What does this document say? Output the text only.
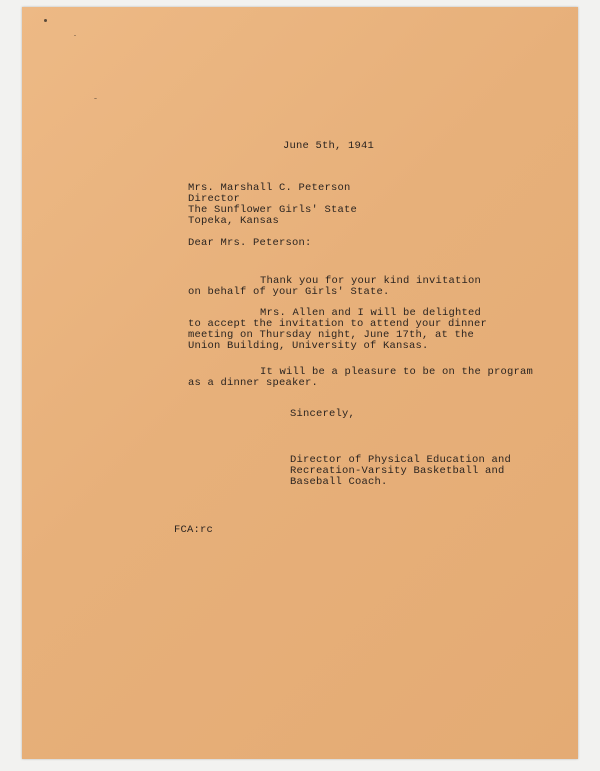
June 5th, 1941
Mrs. Marshall C. Peterson
Director
The Sunflower Girls' State
Topeka, Kansas
Dear Mrs. Peterson:
Thank you for your kind invitation
on behalf of your Girls' State.
Mrs. Allen and I will be delighted
to accept the invitation to attend your dinner
meeting on Thursday night, June 17th, at the
Union Building, University of Kansas.
It will be a pleasure to be on the program
as a dinner speaker.
Sincerely,
Director of Physical Education and
Recreation-Varsity Basketball and
Baseball Coach.
FCA:rc
